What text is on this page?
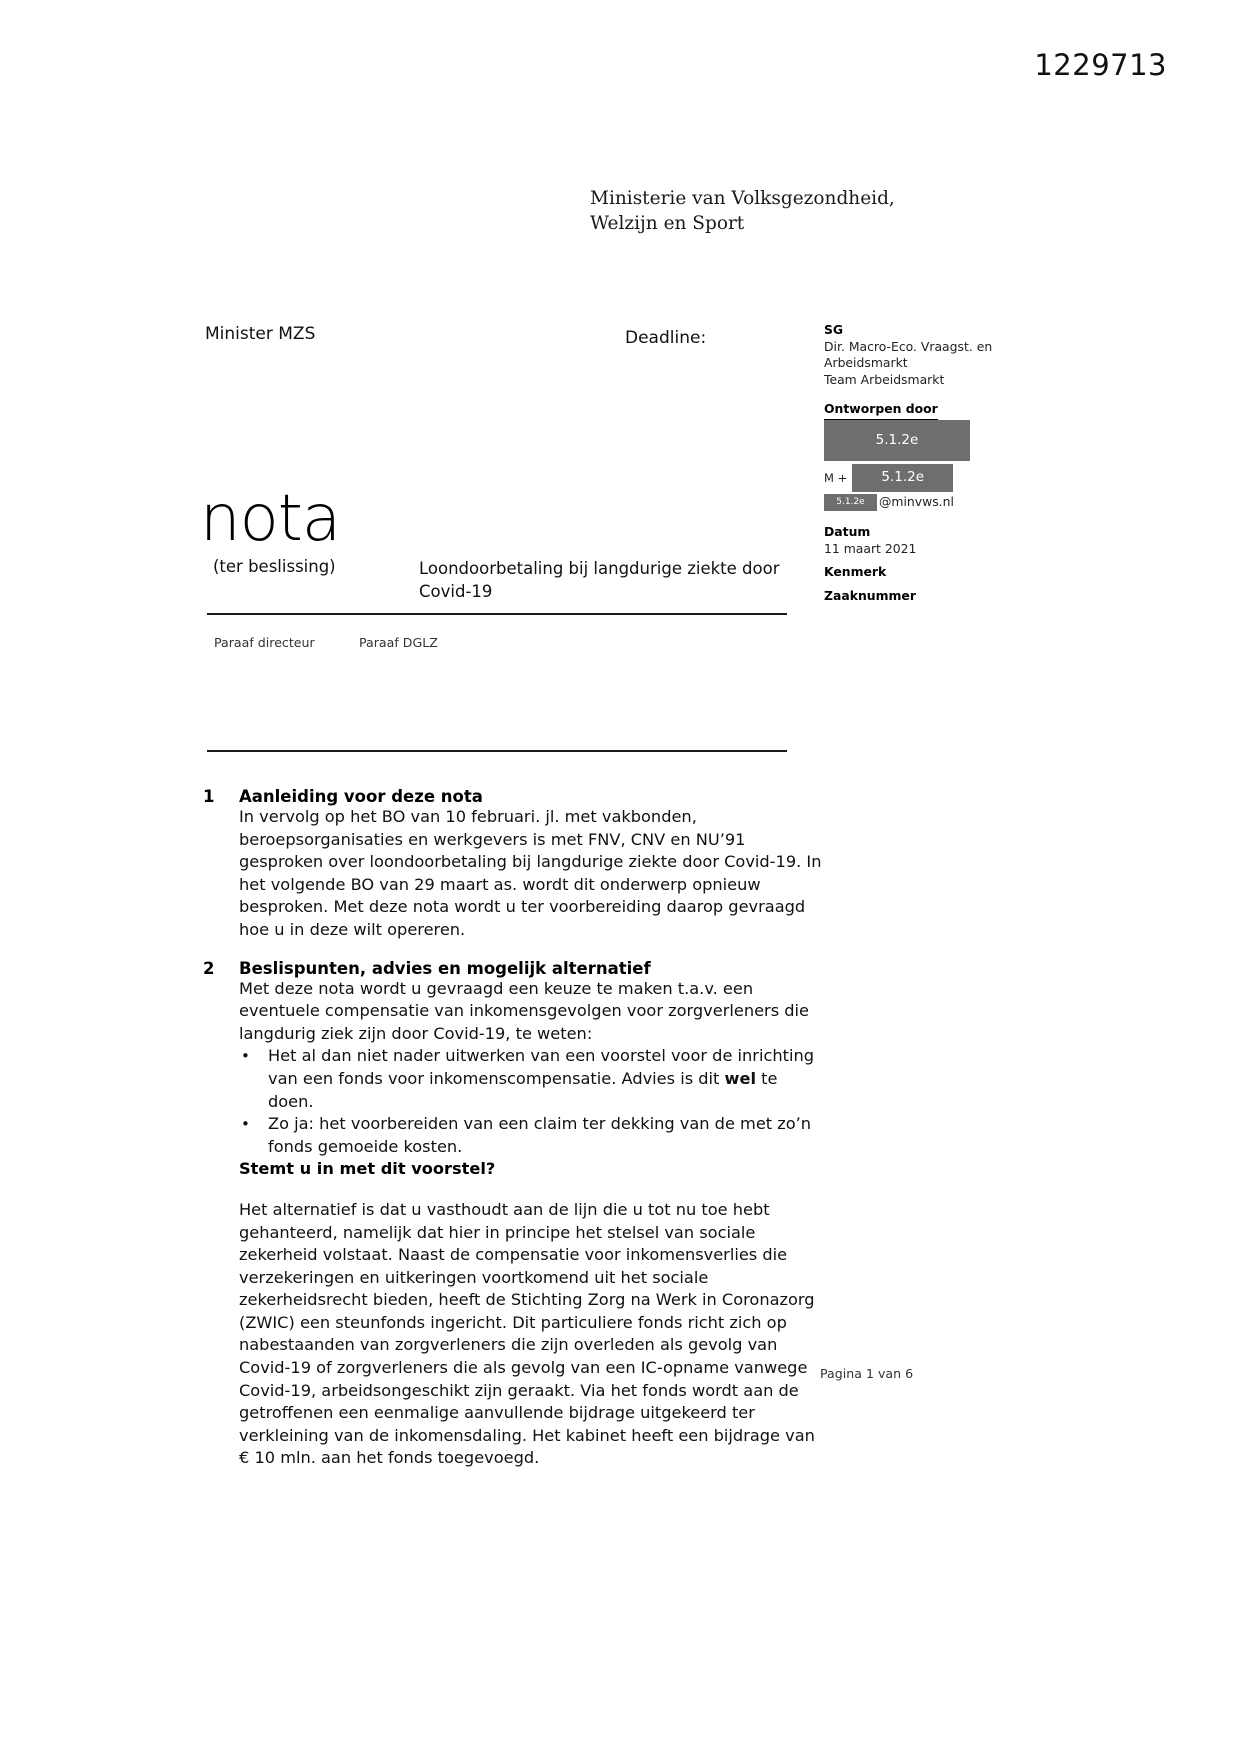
1229713
Ministerie van Volksgezondheid,
Welzijn en Sport
Minister MZS	Deadline:	SG
Dir. Macro-Eco. Vraagst. en
Arbeidsmarkt
Team Arbeidsmarkt
Ontworpen door
5.1.2e
M +	5.1.2e
5.1.2e	@minvws.nl
Datum
11 maart 2021
Kenmerk
Zaaknummer
nota
(ter beslissing)	Loondoorbetaling bij langdurige ziekte door Covid-19
Paraaf directeur	Paraaf DGLZ
1	Aanleiding voor deze nota

In vervolg op het BO van 10 februari. jl. met vakbonden, beroepsorganisaties en werkgevers is met FNV, CNV en NU’91 gesproken over loondoorbetaling bij langdurige ziekte door Covid-19. In het volgende BO van 29 maart as. wordt dit onderwerp opnieuw besproken. Met deze nota wordt u ter voorbereiding daarop gevraagd hoe u in deze wilt opereren.

2	Beslispunten, advies en mogelijk alternatief

Met deze nota wordt u gevraagd een keuze te maken t.a.v. een eventuele compensatie van inkomensgevolgen voor zorgverleners die langdurig ziek zijn door Covid-19, te weten:

• Het al dan niet nader uitwerken van een voorstel voor de inrichting van een fonds voor inkomenscompensatie. Advies is dit wel te doen.
• Zo ja: het voorbereiden van een claim ter dekking van de met zo’n fonds gemoeide kosten.

Stemt u in met dit voorstel?

Het alternatief is dat u vasthoudt aan de lijn die u tot nu toe hebt gehanteerd, namelijk dat hier in principe het stelsel van sociale zekerheid volstaat. Naast de compensatie voor inkomensverlies die verzekeringen en uitkeringen voortkomend uit het sociale zekerheidsrecht bieden, heeft de Stichting Zorg na Werk in Coronazorg (ZWIC) een steunfonds ingericht. Dit particuliere fonds richt zich op nabestaanden van zorgverleners die zijn overleden als gevolg van Covid-19 of zorgverleners die als gevolg van een IC-opname vanwege Covid-19, arbeidsongeschikt zijn geraakt. Via het fonds wordt aan de getroffenen een eenmalige aanvullende bijdrage uitgekeerd ter verkleining van de inkomensdaling. Het kabinet heeft een bijdrage van € 10 mln. aan het fonds toegevoegd.

Pagina 1 van 6
